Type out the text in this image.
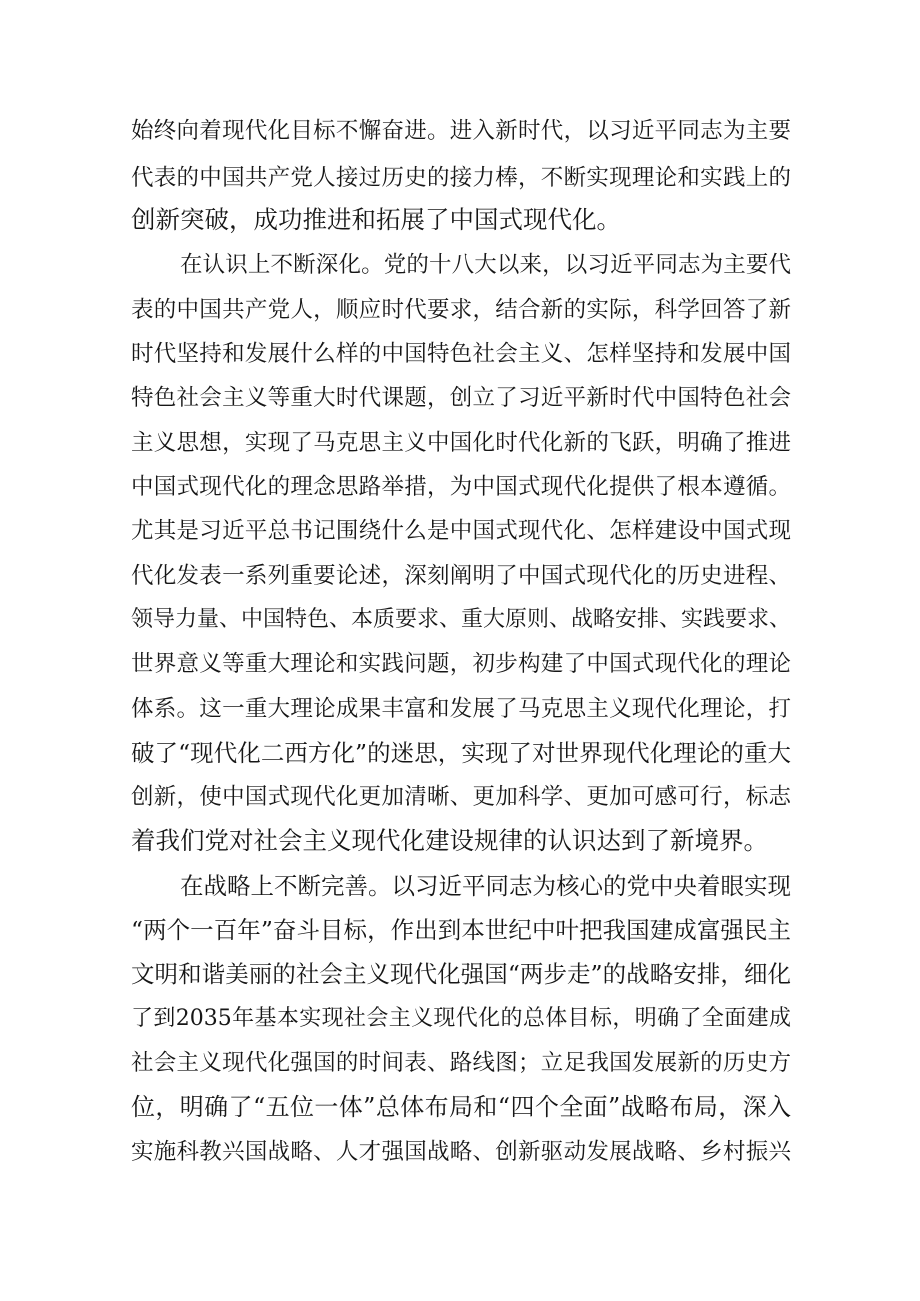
始终向着现代化目标不懈奋进。进入新时代，以习近平同志为主要
代表的中国共产党人接过历史的接力棒，不断实现理论和实践上的
创新突破，成功推进和拓展了中国式现代化。
在认识上不断深化。党的十八大以来，以习近平同志为主要代
表的中国共产党人，顺应时代要求，结合新的实际，科学回答了新
时代坚持和发展什么样的中国特色社会主义、怎样坚持和发展中国
特色社会主义等重大时代课题，创立了习近平新时代中国特色社会
主义思想，实现了马克思主义中国化时代化新的飞跃，明确了推进
中国式现代化的理念思路举措，为中国式现代化提供了根本遵循。
尤其是习近平总书记围绕什么是中国式现代化、怎样建设中国式现
代化发表一系列重要论述，深刻阐明了中国式现代化的历史进程、
领导力量、中国特色、本质要求、重大原则、战略安排、实践要求、
世界意义等重大理论和实践问题，初步构建了中国式现代化的理论
体系。这一重大理论成果丰富和发展了马克思主义现代化理论，打
破了“现代化二西方化”的迷思，实现了对世界现代化理论的重大
创新，使中国式现代化更加清晰、更加科学、更加可感可行，标志
着我们党对社会主义现代化建设规律的认识达到了新境界。
在战略上不断完善。以习近平同志为核心的党中央着眼实现
“两个一百年”奋斗目标，作出到本世纪中叶把我国建成富强民主
文明和谐美丽的社会主义现代化强国“两步走”的战略安排，细化
了到2035年基本实现社会主义现代化的总体目标，明确了全面建成
社会主义现代化强国的时间表、路线图；立足我国发展新的历史方
位，明确了“五位一体”总体布局和“四个全面”战略布局，深入
实施科教兴国战略、人才强国战略、创新驱动发展战略、乡村振兴
